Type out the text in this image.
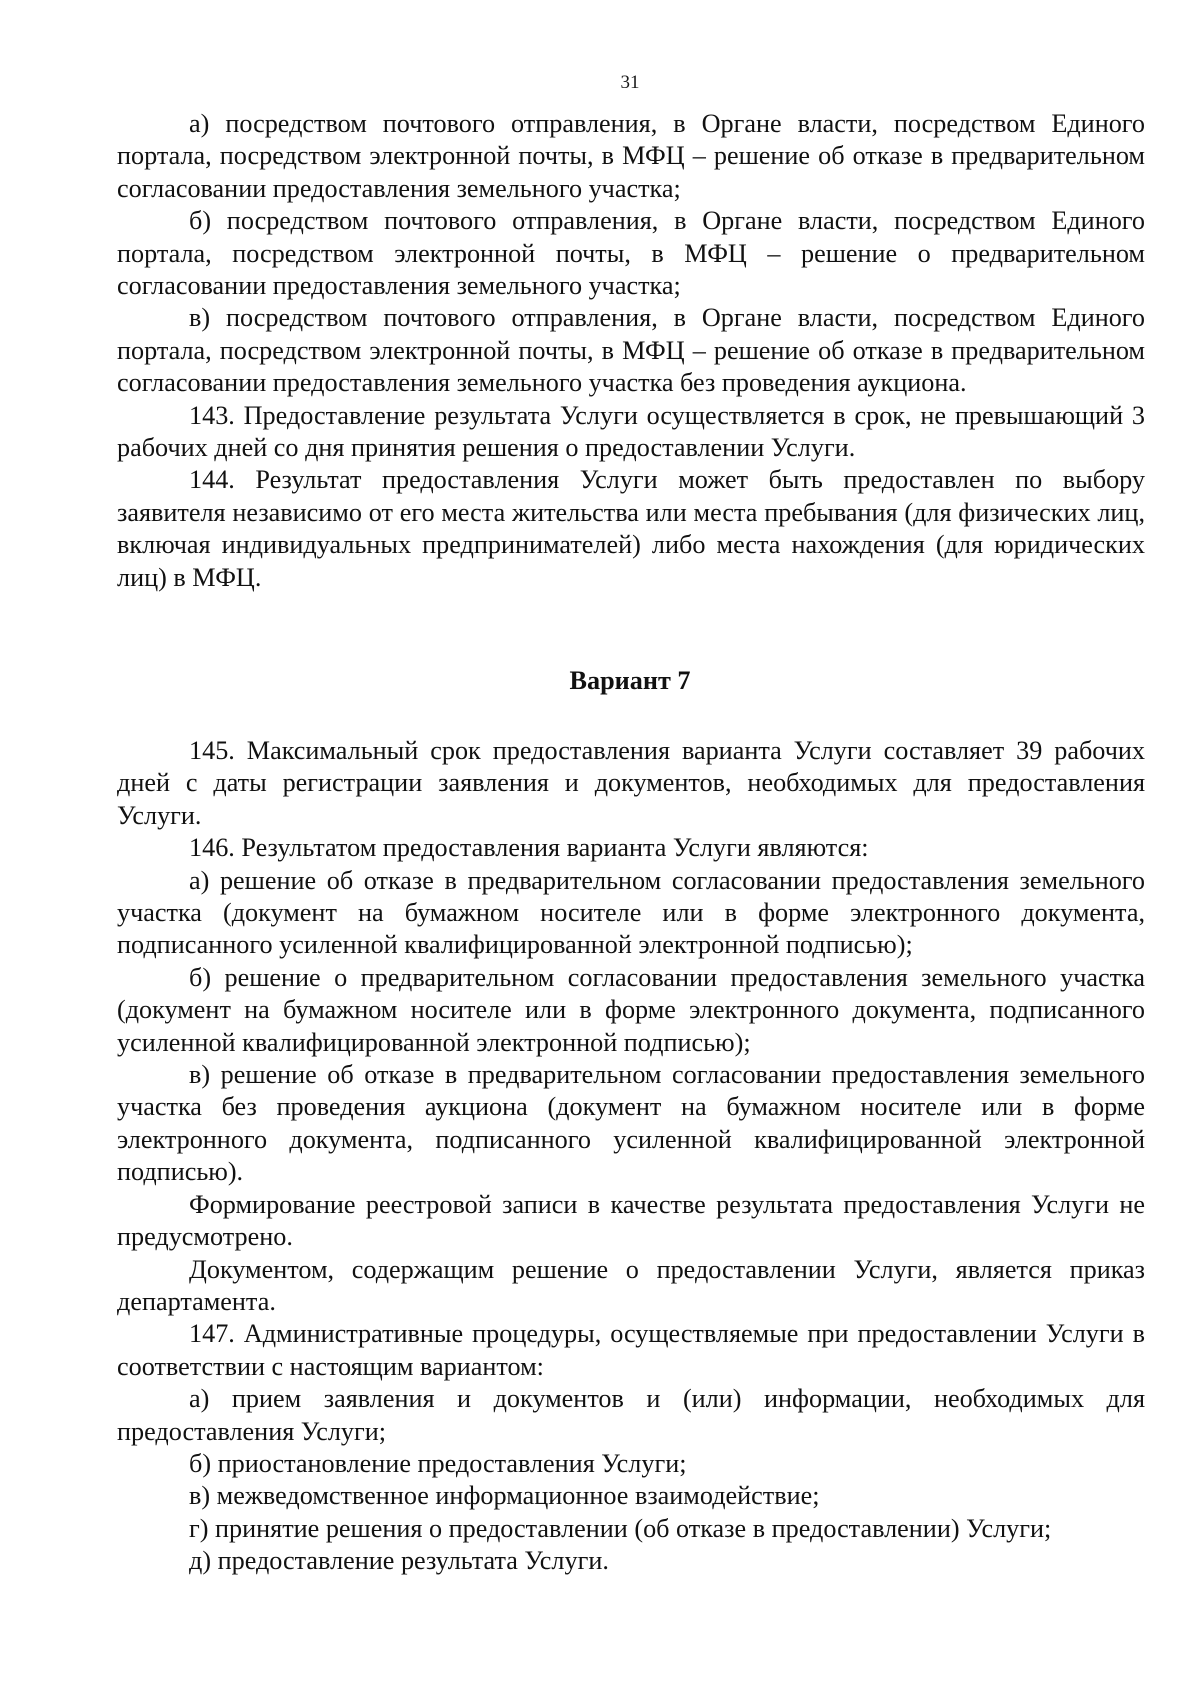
31

а) посредством почтового отправления, в Органе власти, посредством Единого портала, посредством электронной почты, в МФЦ – решение об отказе в предварительном согласовании предоставления земельного участка;

б) посредством почтового отправления, в Органе власти, посредством Единого портала, посредством электронной почты, в МФЦ – решение о предварительном согласовании предоставления земельного участка;

в) посредством почтового отправления, в Органе власти, посредством Единого портала, посредством электронной почты, в МФЦ – решение об отказе в предварительном согласовании предоставления земельного участка без проведения аукциона.

143. Предоставление результата Услуги осуществляется в срок, не превышающий 3 рабочих дней со дня принятия решения о предоставлении Услуги.

144. Результат предоставления Услуги может быть предоставлен по выбору заявителя независимо от его места жительства или места пребывания (для физических лиц, включая индивидуальных предпринимателей) либо места нахождения (для юридических лиц) в МФЦ.

Вариант 7

145. Максимальный срок предоставления варианта Услуги составляет 39 рабочих дней с даты регистрации заявления и документов, необходимых для предоставления Услуги.

146. Результатом предоставления варианта Услуги являются:

а) решение об отказе в предварительном согласовании предоставления земельного участка (документ на бумажном носителе или в форме электронного документа, подписанного усиленной квалифицированной электронной подписью);

б) решение о предварительном согласовании предоставления земельного участка (документ на бумажном носителе или в форме электронного документа, подписанного усиленной квалифицированной электронной подписью);

в) решение об отказе в предварительном согласовании предоставления земельного участка без проведения аукциона (документ на бумажном носителе или в форме электронного документа, подписанного усиленной квалифицированной электронной подписью).

Формирование реестровой записи в качестве результата предоставления Услуги не предусмотрено.

Документом, содержащим решение о предоставлении Услуги, является приказ департамента.

147. Административные процедуры, осуществляемые при предоставлении Услуги в соответствии с настоящим вариантом:

а) прием заявления и документов и (или) информации, необходимых для предоставления Услуги;

б) приостановление предоставления Услуги;

в) межведомственное информационное взаимодействие;

г) принятие решения о предоставлении (об отказе в предоставлении) Услуги;

д) предоставление результата Услуги.
